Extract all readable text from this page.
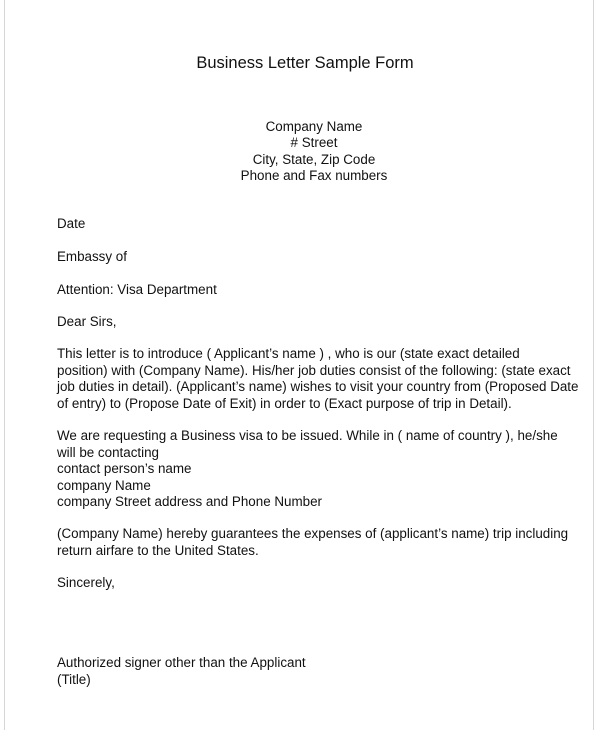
Business Letter Sample Form
Company Name
# Street
City, State, Zip Code
Phone and Fax numbers
Date
Embassy of
Attention: Visa Department
Dear Sirs,
This letter is to introduce ( Applicant’s name ) , who is our (state exact detailed
position) with (Company Name). His/her job duties consist of the following: (state exact
job duties in detail). (Applicant’s name) wishes to visit your country from (Proposed Date
of entry) to (Propose Date of Exit) in order to (Exact purpose of trip in Detail).
We are requesting a Business visa to be issued. While in ( name of country ), he/she
will be contacting
contact person’s name
company Name
company Street address and Phone Number
(Company Name) hereby guarantees the expenses of (applicant’s name) trip including
return airfare to the United States.
Sincerely,
Authorized signer other than the Applicant
(Title)
